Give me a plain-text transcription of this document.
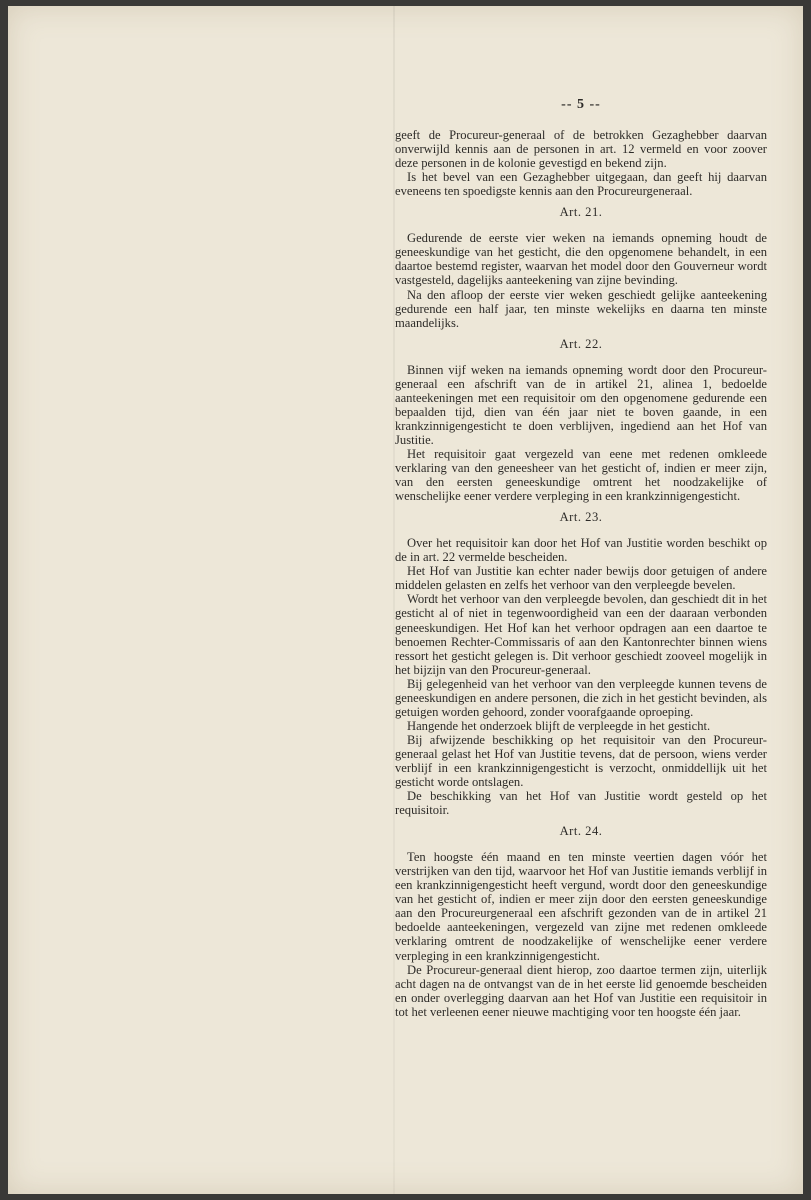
-- 5 --

geeft de Procureur-generaal of de betrokken Gezaghebber daarvan onverwijld kennis aan de personen in art. 12 vermeld en voor zoover deze personen in de kolonie gevestigd en bekend zijn.

Is het bevel van een Gezaghebber uitgegaan, dan geeft hij daarvan eveneens ten spoedigste kennis aan den Procureurgeneraal.

Art. 21.

Gedurende de eerste vier weken na iemands opneming houdt de geneeskundige van het gesticht, die den opgenomene behandelt, in een daartoe bestemd register, waarvan het model door den Gouverneur wordt vastgesteld, dagelijks aanteekening van zijne bevinding.

Na den afloop der eerste vier weken geschiedt gelijke aanteekening gedurende een half jaar, ten minste wekelijks en daarna ten minste maandelijks.

Art. 22.

Binnen vijf weken na iemands opneming wordt door den Procureur-generaal een afschrift van de in artikel 21, alinea 1, bedoelde aanteekeningen met een requisitoir om den opgenomene gedurende een bepaalden tijd, dien van één jaar niet te boven gaande, in een krankzinnigengesticht te doen verblijven, ingediend aan het Hof van Justitie.

Het requisitoir gaat vergezeld van eene met redenen omkleede verklaring van den geneesheer van het gesticht of, indien er meer zijn, van den eersten geneeskundige omtrent het noodzakelijke of wenschelijke eener verdere verpleging in een krankzinnigengesticht.

Art. 23.

Over het requisitoir kan door het Hof van Justitie worden beschikt op de in art. 22 vermelde bescheiden.

Het Hof van Justitie kan echter nader bewijs door getuigen of andere middelen gelasten en zelfs het verhoor van den verpleegde bevelen.

Wordt het verhoor van den verpleegde bevolen, dan geschiedt dit in het gesticht al of niet in tegenwoordigheid van een der daaraan verbonden geneeskundigen. Het Hof kan het verhoor opdragen aan een daartoe te benoemen Rechter-Commissaris of aan den Kantonrechter binnen wiens ressort het gesticht gelegen is. Dit verhoor geschiedt zooveel mogelijk in het bijzijn van den Procureur-generaal.

Bij gelegenheid van het verhoor van den verpleegde kunnen tevens de geneeskundigen en andere personen, die zich in het gesticht bevinden, als getuigen worden gehoord, zonder voorafgaande oproeping.

Hangende het onderzoek blijft de verpleegde in het gesticht.

Bij afwijzende beschikking op het requisitoir van den Procureur-generaal gelast het Hof van Justitie tevens, dat de persoon, wiens verder verblijf in een krankzinnigengesticht is verzocht, onmiddellijk uit het gesticht worde ontslagen.

De beschikking van het Hof van Justitie wordt gesteld op het requisitoir.

Art. 24.

Ten hoogste één maand en ten minste veertien dagen vóór het verstrijken van den tijd, waarvoor het Hof van Justitie iemands verblijf in een krankzinnigengesticht heeft vergund, wordt door den geneeskundige van het gesticht of, indien er meer zijn door den eersten geneeskundige aan den Procureurgeneraal een afschrift gezonden van de in artikel 21 bedoelde aanteekeningen, vergezeld van zijne met redenen omkleede verklaring omtrent de noodzakelijke of wenschelijke eener verdere verpleging in een krankzinnigengesticht.

De Procureur-generaal dient hierop, zoo daartoe termen zijn, uiterlijk acht dagen na de ontvangst van de in het eerste lid genoemde bescheiden en onder overlegging daarvan aan het Hof van Justitie een requisitoir in tot het verleenen eener nieuwe machtiging voor ten hoogste één jaar.
